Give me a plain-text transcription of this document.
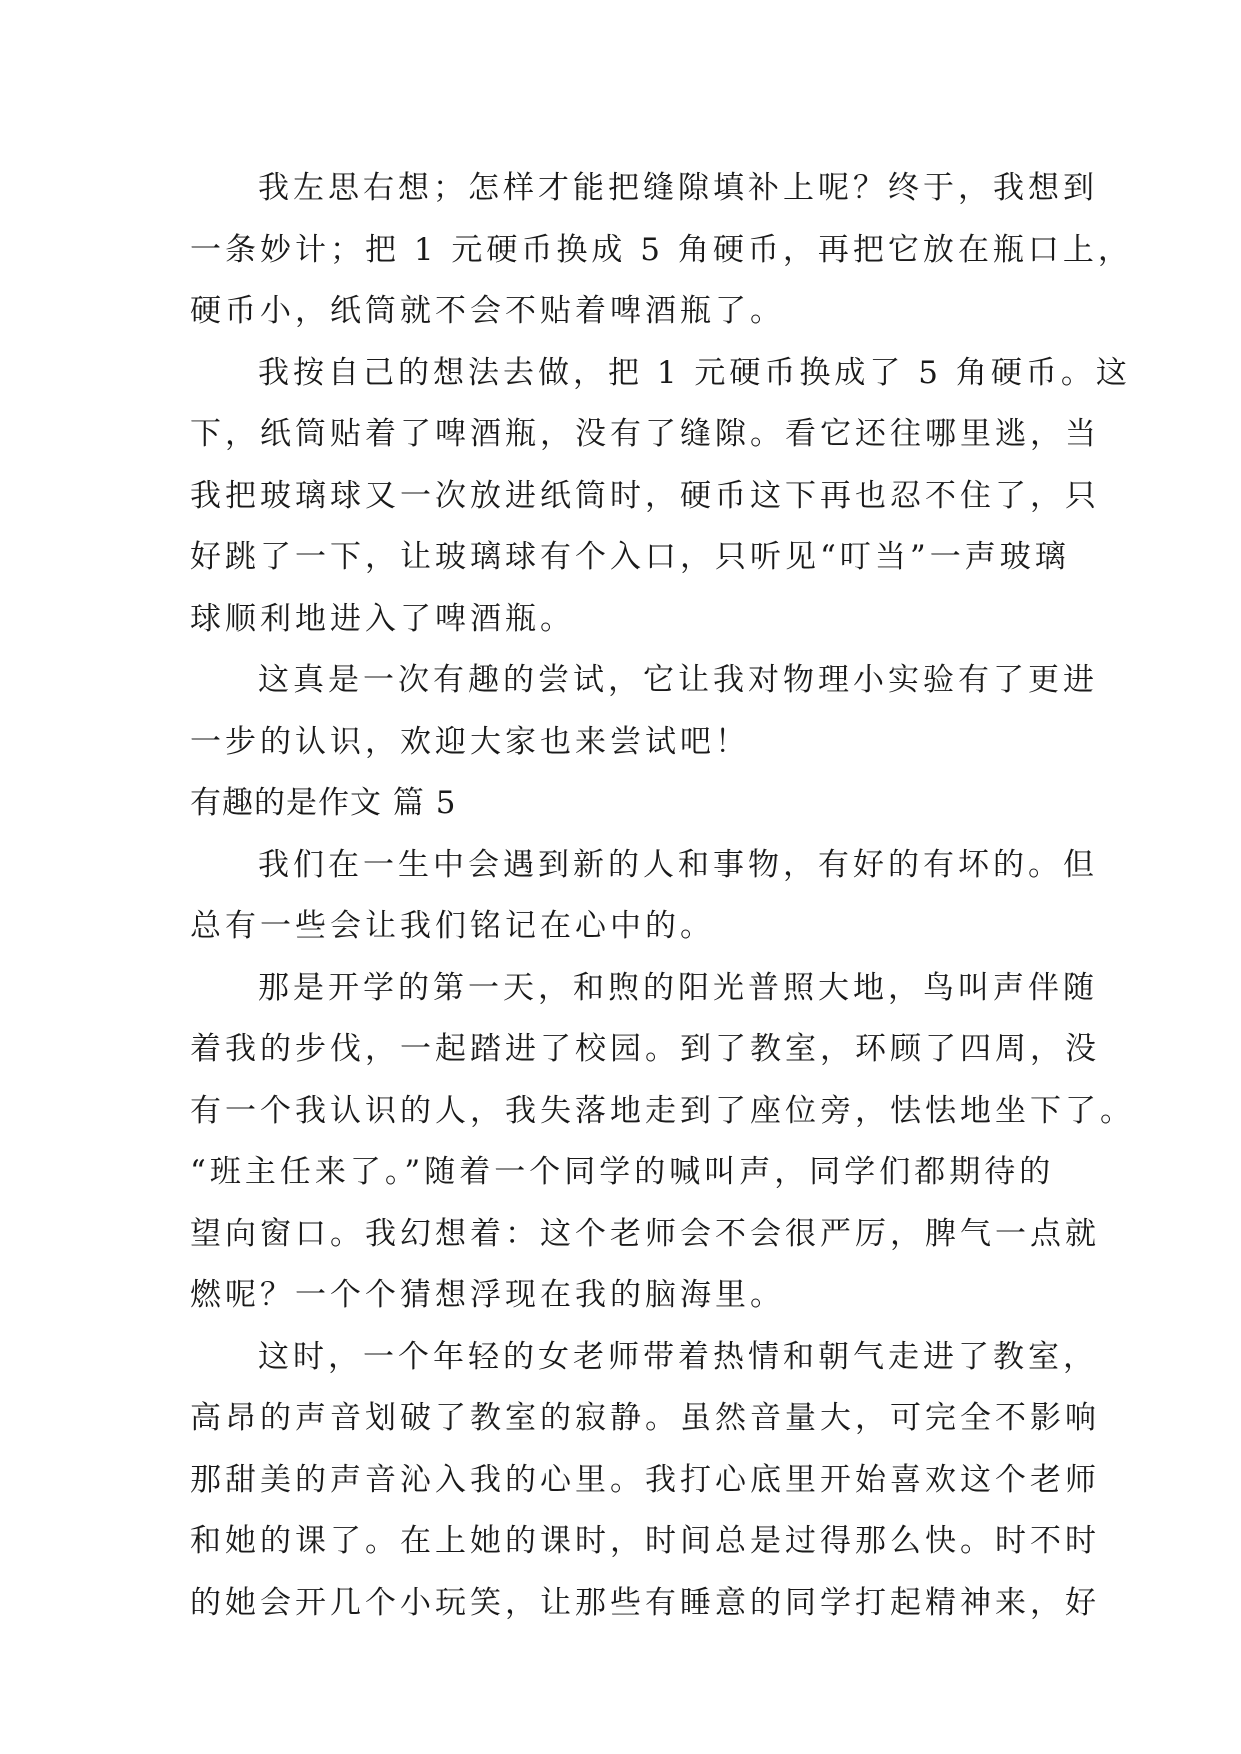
我左思右想；怎样才能把缝隙填补上呢？终于，我想到
一条妙计；把 1 元硬币换成 5 角硬币，再把它放在瓶口上，
硬币小，纸筒就不会不贴着啤酒瓶了。
我按自己的想法去做，把 1 元硬币换成了 5 角硬币。这
下，纸筒贴着了啤酒瓶，没有了缝隙。看它还往哪里逃，当
我把玻璃球又一次放进纸筒时，硬币这下再也忍不住了，只
好跳了一下，让玻璃球有个入口，只听见“叮当”一声玻璃
球顺利地进入了啤酒瓶。
这真是一次有趣的尝试，它让我对物理小实验有了更进
一步的认识，欢迎大家也来尝试吧！
有趣的是作文 篇 5
我们在一生中会遇到新的人和事物，有好的有坏的。但
总有一些会让我们铭记在心中的。
那是开学的第一天，和煦的阳光普照大地，鸟叫声伴随
着我的步伐，一起踏进了校园。到了教室，环顾了四周，没
有一个我认识的人，我失落地走到了座位旁，怯怯地坐下了。
“班主任来了。”随着一个同学的喊叫声，同学们都期待的
望向窗口。我幻想着：这个老师会不会很严厉，脾气一点就
燃呢？一个个猜想浮现在我的脑海里。
这时，一个年轻的女老师带着热情和朝气走进了教室，
高昂的声音划破了教室的寂静。虽然音量大，可完全不影响
那甜美的声音沁入我的心里。我打心底里开始喜欢这个老师
和她的课了。在上她的课时，时间总是过得那么快。时不时
的她会开几个小玩笑，让那些有睡意的同学打起精神来，好
